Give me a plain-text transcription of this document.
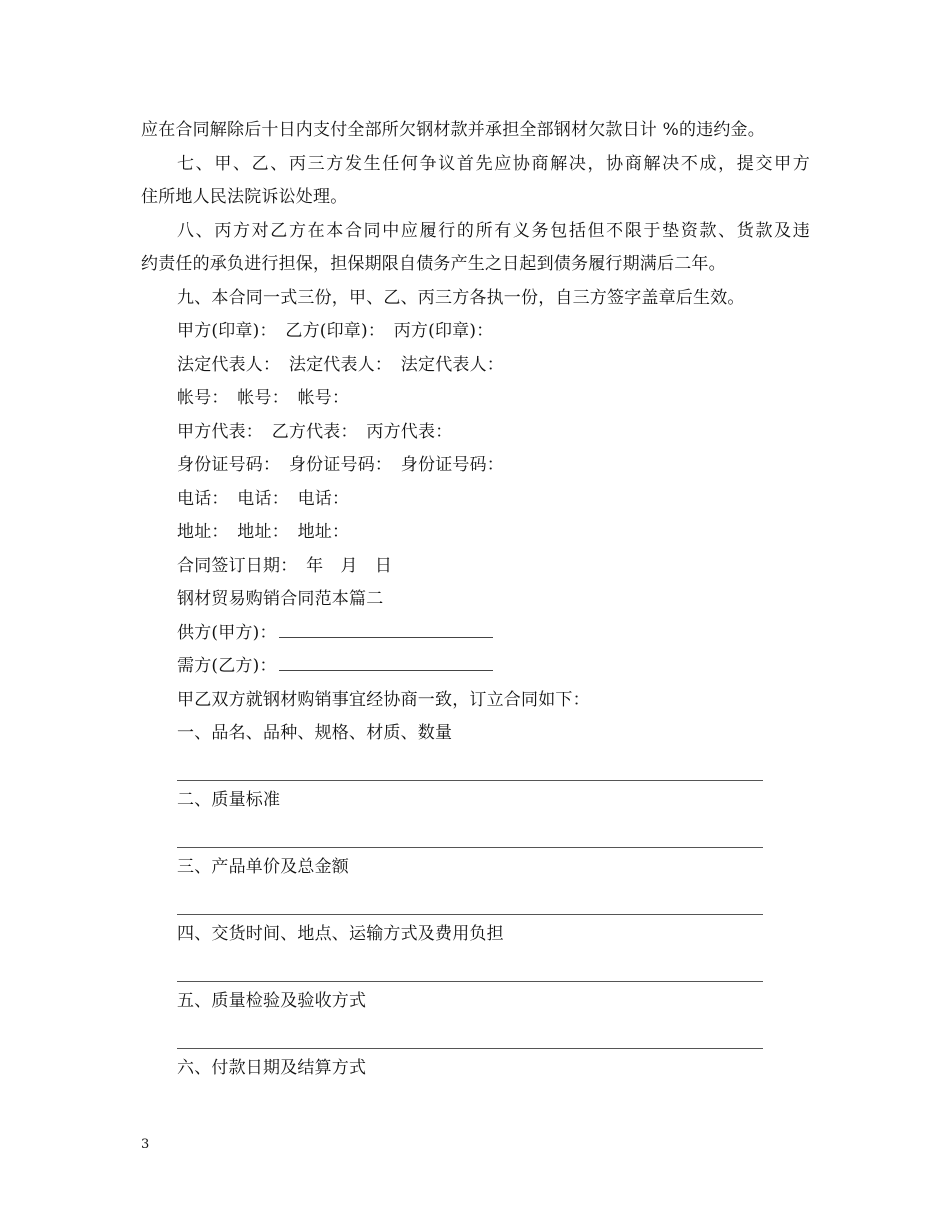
应在合同解除后十日内支付全部所欠钢材款并承担全部钢材欠款日计 %的违约金。
七、甲、乙、丙三方发生任何争议首先应协商解决，协商解决不成，提交甲方
住所地人民法院诉讼处理。
八、丙方对乙方在本合同中应履行的所有义务包括但不限于垫资款、货款及违
约责任的承负进行担保，担保期限自债务产生之日起到债务履行期满后二年。
九、本合同一式三份，甲、乙、丙三方各执一份，自三方签字盖章后生效。
甲方(印章)：　乙方(印章)：　丙方(印章)：
法定代表人：　法定代表人：　法定代表人：
帐号：　帐号：　帐号：
甲方代表：　乙方代表：　丙方代表：
身份证号码：　身份证号码：　身份证号码：
电话：　电话：　电话：
地址：　地址：　地址：
合同签订日期：　年　月　日
钢材贸易购销合同范本篇二
供方(甲方)：
需方(乙方)：
甲乙双方就钢材购销事宜经协商一致，订立合同如下：
一、品名、品种、规格、材质、数量
二、质量标准
三、产品单价及总金额
四、交货时间、地点、运输方式及费用负担
五、质量检验及验收方式
六、付款日期及结算方式
3
